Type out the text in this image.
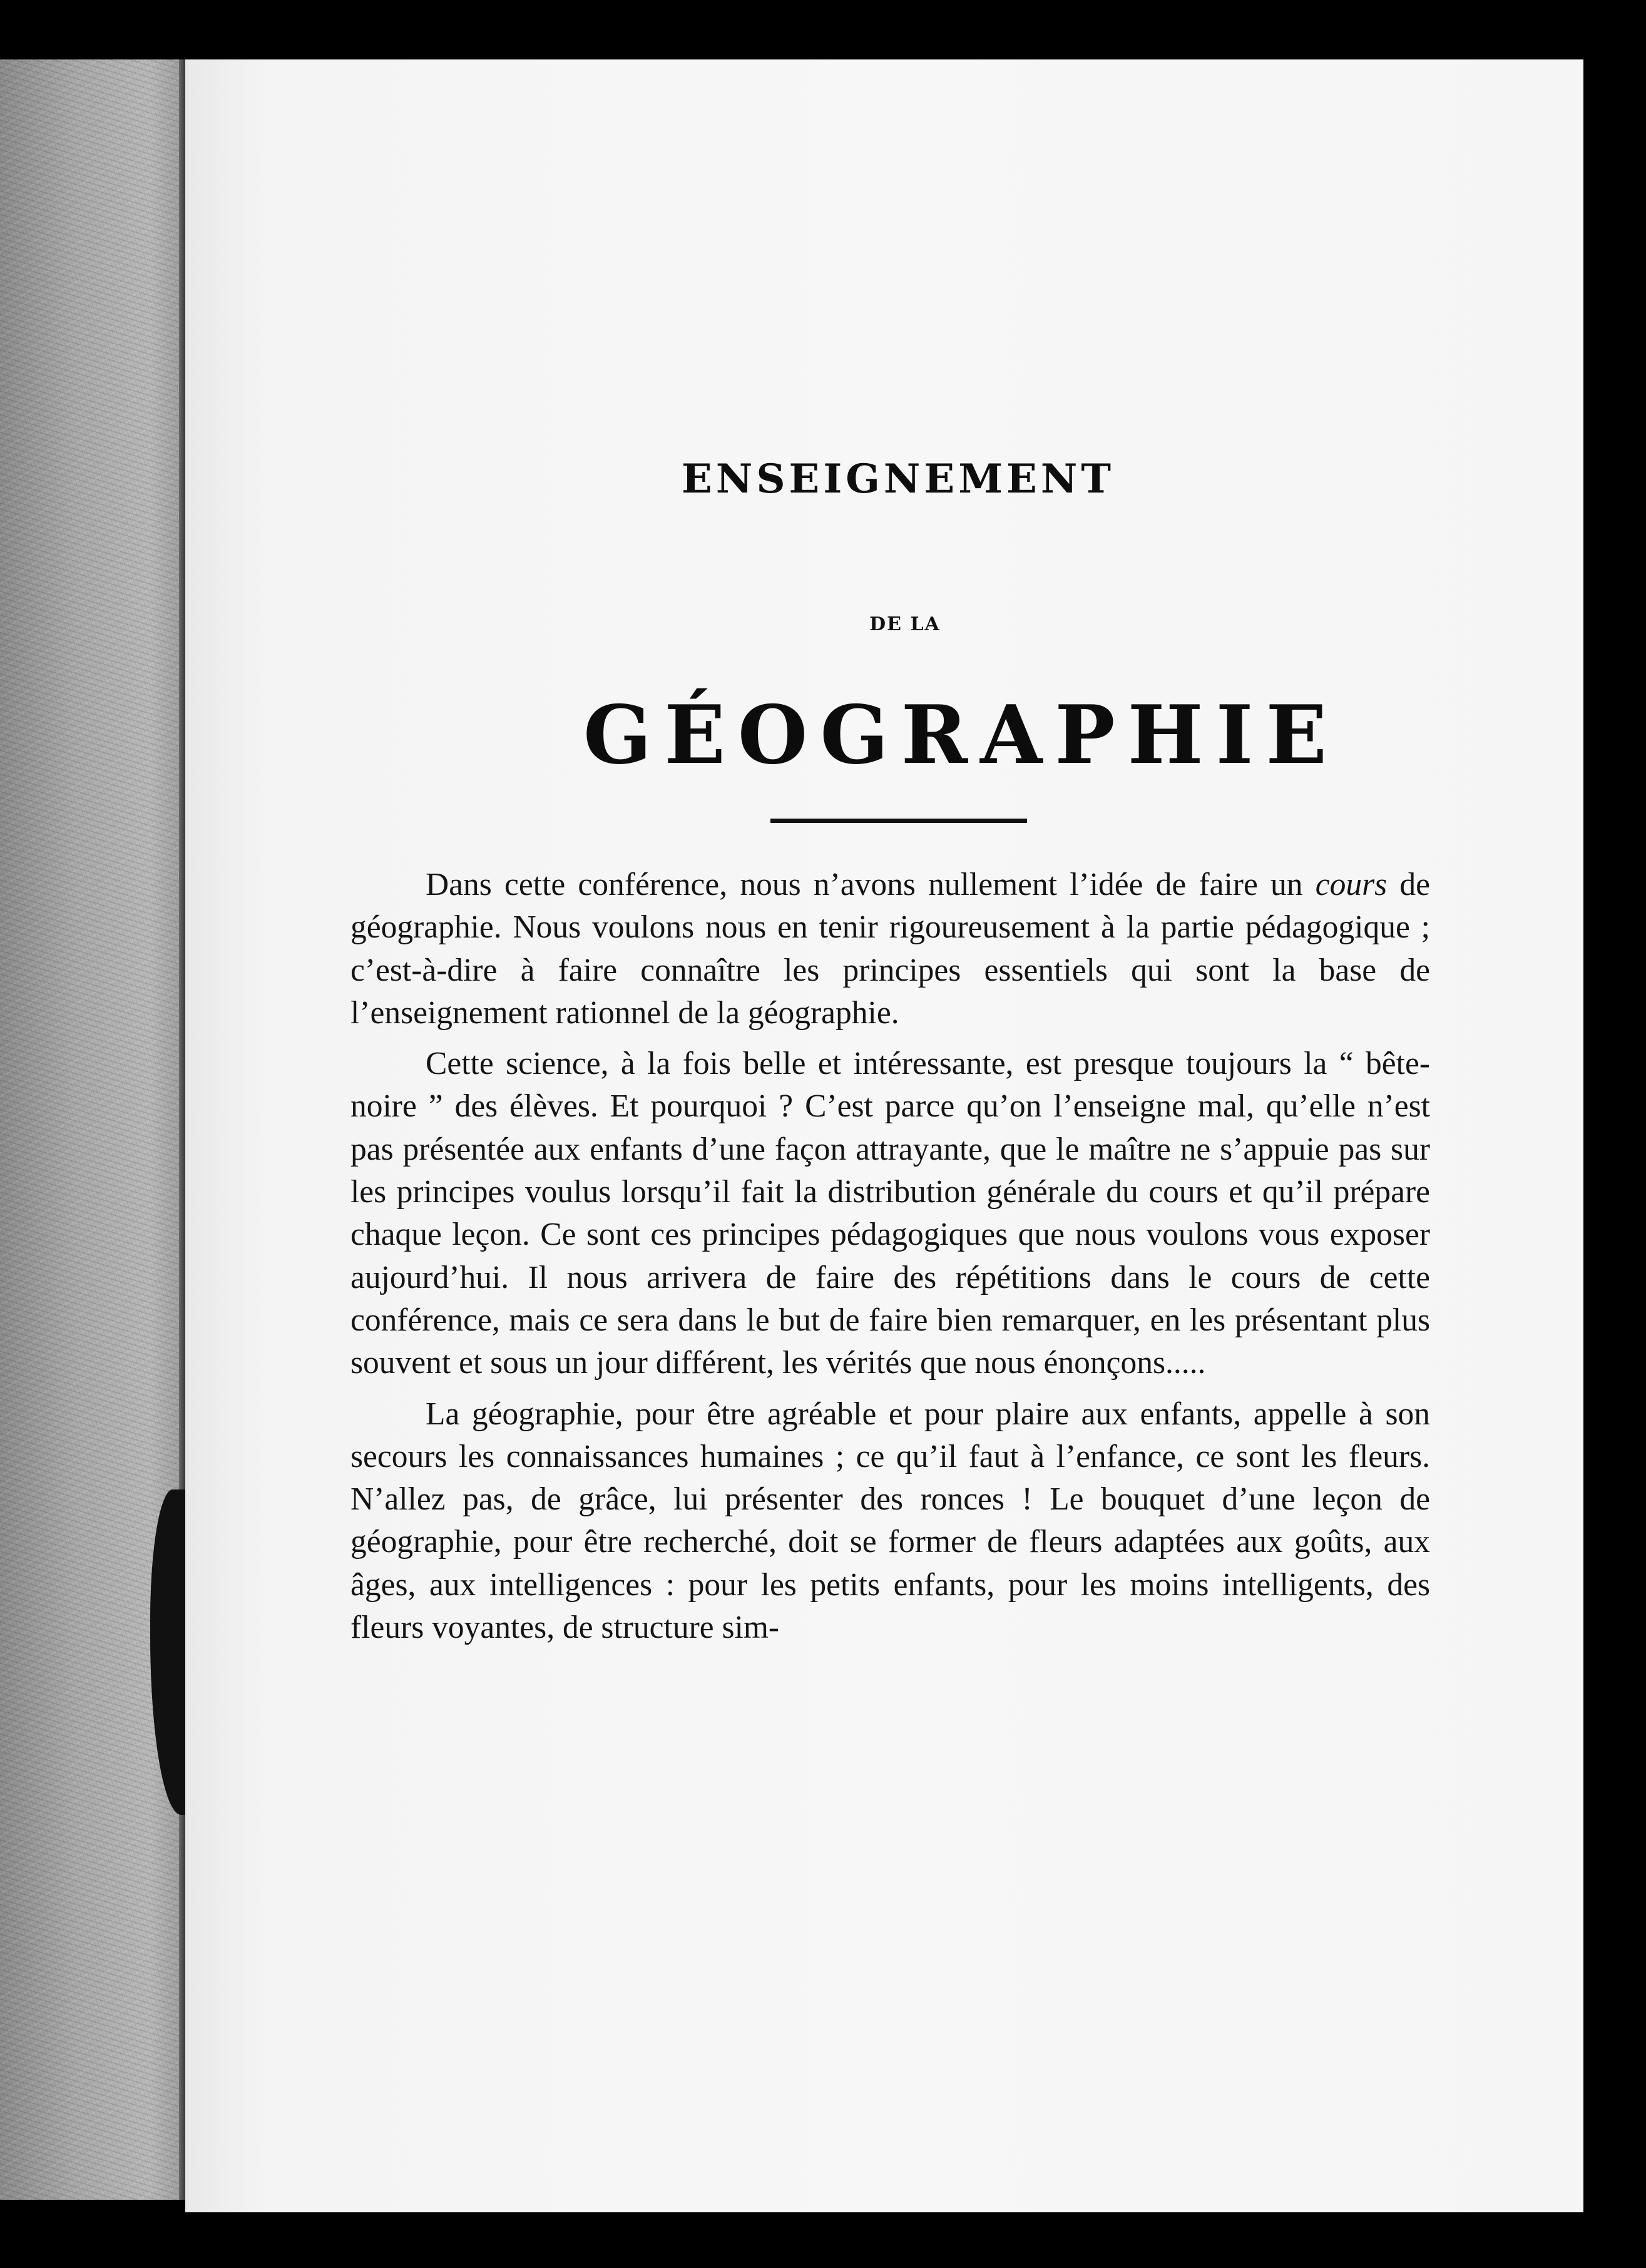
ENSEIGNEMENT
DE LA
GÉOGRAPHIE

Dans cette conférence, nous n’avons nullement l’idée de faire un cours de géographie. Nous voulons nous en tenir rigoureusement à la partie pédagogique ; c’est-à-dire à faire connaître les principes essentiels qui sont la base de l’enseignement rationnel de la géographie.

Cette science, à la fois belle et intéressante, est presque toujours la “ bête-noire ” des élèves. Et pourquoi ? C’est parce qu’on l’enseigne mal, qu’elle n’est pas présentée aux enfants d’une façon attrayante, que le maître ne s’appuie pas sur les principes voulus lorsqu’il fait la distribution générale du cours et qu’il prépare chaque leçon. Ce sont ces principes pédagogiques que nous voulons vous exposer aujourd’hui. Il nous arrivera de faire des répétitions dans le cours de cette conférence, mais ce sera dans le but de faire bien remarquer, en les présentant plus souvent et sous un jour différent, les vérités que nous énonçons.....

La géographie, pour être agréable et pour plaire aux enfants, appelle à son secours les connaissances humaines ; ce qu’il faut à l’enfance, ce sont les fleurs. N’allez pas, de grâce, lui présenter des ronces ! Le bouquet d’une leçon de géographie, pour être recherché, doit se former de fleurs adaptées aux goûts, aux âges, aux intelligences : pour les petits enfants, pour les moins intelligents, des fleurs voyantes, de structure sim-
